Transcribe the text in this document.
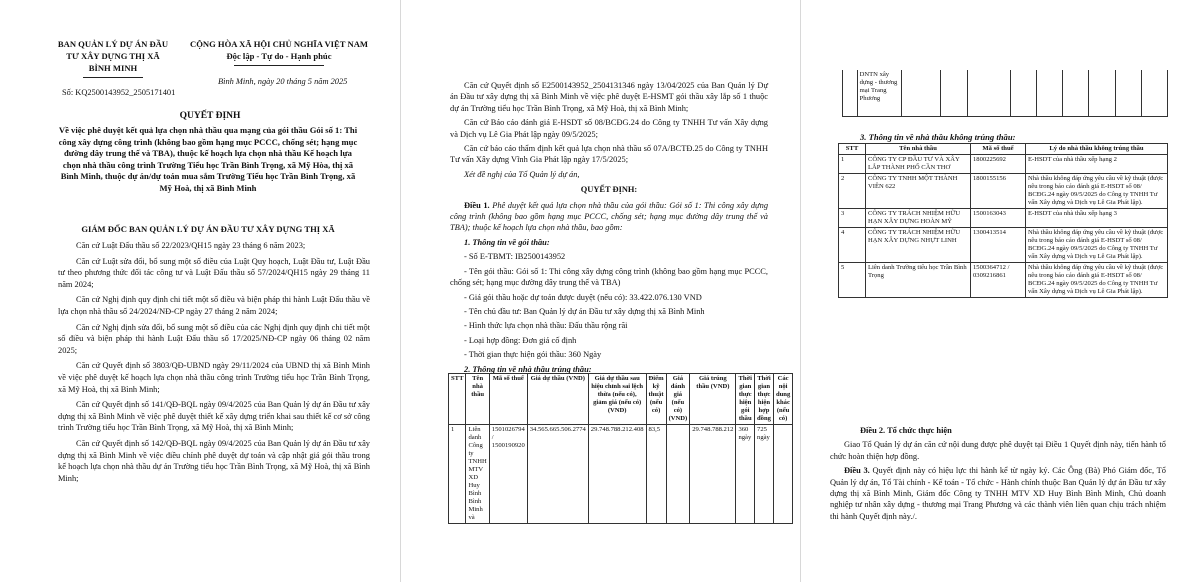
BAN QUẢN LÝ DỰ ÁN ĐẦU
TƯ XÂY DỰNG THỊ XÃ
BÌNH MINH
CỘNG HÒA XÃ HỘI CHỦ NGHĨA VIỆT NAM
Độc lập - Tự do - Hạnh phúc
Bình Minh, ngày 20 tháng 5 năm 2025
Số: KQ2500143952_2505171401
QUYẾT ĐỊNH
Về việc phê duyệt kết quả lựa chọn nhà thầu qua mạng của gói thầu Gói số 1: Thi công xây dựng công trình (không bao gồm hạng mục PCCC, chống sét; hạng mục đường dây trung thế và TBA), thuộc kế hoạch lựa chọn nhà thầu Kế hoạch lựa chọn nhà thầu công trình Trường Tiểu học Trần Bình Trọng, xã Mỹ Hòa, thị xã Bình Minh, thuộc dự án/dự toán mua sắm Trường Tiểu học Trần Bình Trọng, xã Mỹ Hoà, thị xã Bình Minh
GIÁM ĐỐC BAN QUẢN LÝ DỰ ÁN ĐẦU TƯ XÂY DỰNG THỊ XÃ

Căn cứ Luật Đấu thầu số 22/2023/QH15 ngày 23 tháng 6 năm 2023;

Căn cứ Luật sửa đổi, bổ sung một số điều của Luật Quy hoạch, Luật Đầu tư, Luật Đầu tư theo phương thức đối tác công tư và Luật Đấu thầu số 57/2024/QH15 ngày 29 tháng 11 năm 2024;

Căn cứ Nghị định quy định chi tiết một số điều và biện pháp thi hành Luật Đấu thầu về lựa chọn nhà thầu số 24/2024/NĐ-CP ngày 27 tháng 2 năm 2024;

Căn cứ Nghị định sửa đổi, bổ sung một số điều của các Nghị định quy định chi tiết một số điều và biện pháp thi hành Luật Đấu thầu số 17/2025/NĐ-CP ngày 06 tháng 02 năm 2025;

Căn cứ Quyết định số 3803/QĐ-UBND ngày 29/11/2024 của UBND thị xã Bình Minh về việc phê duyệt kế hoạch lựa chọn nhà thầu công trình Trường tiểu học Trần Bình Trọng, xã Mỹ Hoà, thị xã Bình Minh;

Căn cứ Quyết định số 141/QĐ-BQL ngày 09/4/2025 của Ban Quản lý dự án Đầu tư xây dựng thị xã Bình Minh về việc phê duyệt thiết kế xây dựng triển khai sau thiết kế cơ sở công trình Trường tiểu học Trần Bình Trọng, xã Mỹ Hoà, thị xã Bình Minh;

Căn cứ Quyết định số 142/QĐ-BQL ngày 09/4/2025 của Ban Quản lý dự án Đầu tư xây dựng thị xã Bình Minh về việc điều chỉnh phê duyệt dự toán và cập nhật giá gói thầu trong kế hoạch lựa chọn nhà thầu dự án Trường tiểu học Trần Bình Trọng, xã Mỹ Hoà, thị xã Bình Minh;

Căn cứ Quyết định số E2500143952_2504131346 ngày 13/04/2025 của Ban Quản lý Dự án Đầu tư xây dựng thị xã Bình Minh về việc phê duyệt E-HSMT gói thầu xây lắp số 1 thuộc dự án Trường tiểu học Trần Bình Trọng, xã Mỹ Hoà, thị xã Bình Minh;

Căn cứ Báo cáo đánh giá E-HSDT số 08/BCĐG.24 do Công ty TNHH Tư vấn Xây dựng và Dịch vụ Lê Gia Phát lập ngày 09/5/2025;

Căn cứ báo cáo thẩm định kết quả lựa chọn nhà thầu số 07A/BCTĐ.25 do Công ty TNHH Tư vấn Xây dựng Vĩnh Gia Phát lập ngày 17/5/2025;

Xét đề nghị của Tổ Quản lý dự án,

QUYẾT ĐỊNH:

Điều 1. Phê duyệt kết quả lựa chọn nhà thầu của gói thầu: Gói số 1: Thi công xây dựng công trình (không bao gồm hạng mục PCCC, chống sét; hạng mục đường dây trung thế và TBA); thuộc kế hoạch lựa chọn nhà thầu, bao gồm:

1. Thông tin về gói thầu:

- Số E-TBMT: IB2500143952

- Tên gói thầu: Gói số 1: Thi công xây dựng công trình (không bao gồm hạng mục PCCC, chống sét; hạng mục đường dây trung thế và TBA)

- Giá gói thầu hoặc dự toán được duyệt (nếu có): 33.422.076.130 VND

- Tên chủ đầu tư: Ban Quản lý dự án Đầu tư xây dựng thị xã Bình Minh

- Hình thức lựa chọn nhà thầu: Đấu thầu rộng rãi

- Loại hợp đồng: Đơn giá cố định

- Thời gian thực hiện gói thầu: 360 Ngày

2. Thông tin về nhà thầu trúng thầu:

STT	Tên nhà thầu	Mã số thuế	Giá dự thầu (VND)	Giá dự thầu sau hiệu chỉnh sai lệch thừa (nếu có), giảm giá (nếu có) (VND)	Điểm kỹ thuật (nếu có)	Giá đánh giá (nếu có) (VND)	Giá trúng thầu (VND)	Thời gian thực hiện gói thầu	Thời gian thực hiện hợp đồng	Các nội dung khác (nếu có)
1	Liên danh Công ty TNHH MTV XD Huy Bình Bình Minh và	1501026794 / 1500190920	34.565.665.506.2774	29.748.788.212.408	83,5		29.748.788.212	360 ngày	725 ngày	
	DNTN xây dựng - thương mại Trang Phương									
3. Thông tin về nhà thầu không trúng thầu:
STT	Tên nhà thầu	Mã số thuế	Lý do nhà thầu không trúng thầu
1	CÔNG TY CP ĐẦU TƯ VÀ XÂY LẮP THÀNH PHỐ CẦN THƠ	1800225692	E-HSDT của nhà thầu xếp hạng 2
2	CÔNG TY TNHH MỘT THÀNH VIÊN 622	1800155156	Nhà thầu không đáp ứng yêu cầu về kỹ thuật (được nêu trong báo cáo đánh giá E-HSDT số 08/ BCĐG.24 ngày 09/5/2025 do Công ty TNHH Tư vấn Xây dựng và Dịch vụ Lê Gia Phát lập).
3	CÔNG TY TRÁCH NHIỆM HỮU HẠN XÂY DỰNG HOÀN MỸ	1500163043	E-HSDT của nhà thầu xếp hạng 3
4	CÔNG TY TRÁCH NHIỆM HỮU HẠN XÂY DỰNG NHỰT LINH	1300413514	Nhà thầu không đáp ứng yêu cầu về kỹ thuật (được nêu trong báo cáo đánh giá E-HSDT số 08/ BCĐG.24 ngày 09/5/2025 do Công ty TNHH Tư vấn Xây dựng và Dịch vụ Lê Gia Phát lập).
5	Liên danh Trường tiểu học Trần Bình Trọng	1500364712 / 0309216861	Nhà thầu không đáp ứng yêu cầu về kỹ thuật (được nêu trong báo cáo đánh giá E-HSDT số 08/ BCĐG.24 ngày 09/5/2025 do Công ty TNHH Tư vấn Xây dựng và Dịch vụ Lê Gia Phát lập).

Điều 2. Tổ chức thực hiện

Giao Tổ Quản lý dự án căn cứ nội dung được phê duyệt tại Điều 1 Quyết định này, tiến hành tổ chức hoàn thiện hợp đồng.

Điều 3. Quyết định này có hiệu lực thi hành kể từ ngày ký. Các Ông (Bà) Phó Giám đốc, Tổ Quản lý dự án, Tổ Tài chính - Kế toán - Tổ chức - Hành chính thuộc Ban Quản lý dự án Đầu tư xây dựng thị xã Bình Minh, Giám đốc Công ty TNHH MTV XD Huy Bình Bình Minh, Chủ doanh nghiệp tư nhân xây dựng - thương mại Trang Phương và các thành viên liên quan chịu trách nhiệm thi hành Quyết định này./.
